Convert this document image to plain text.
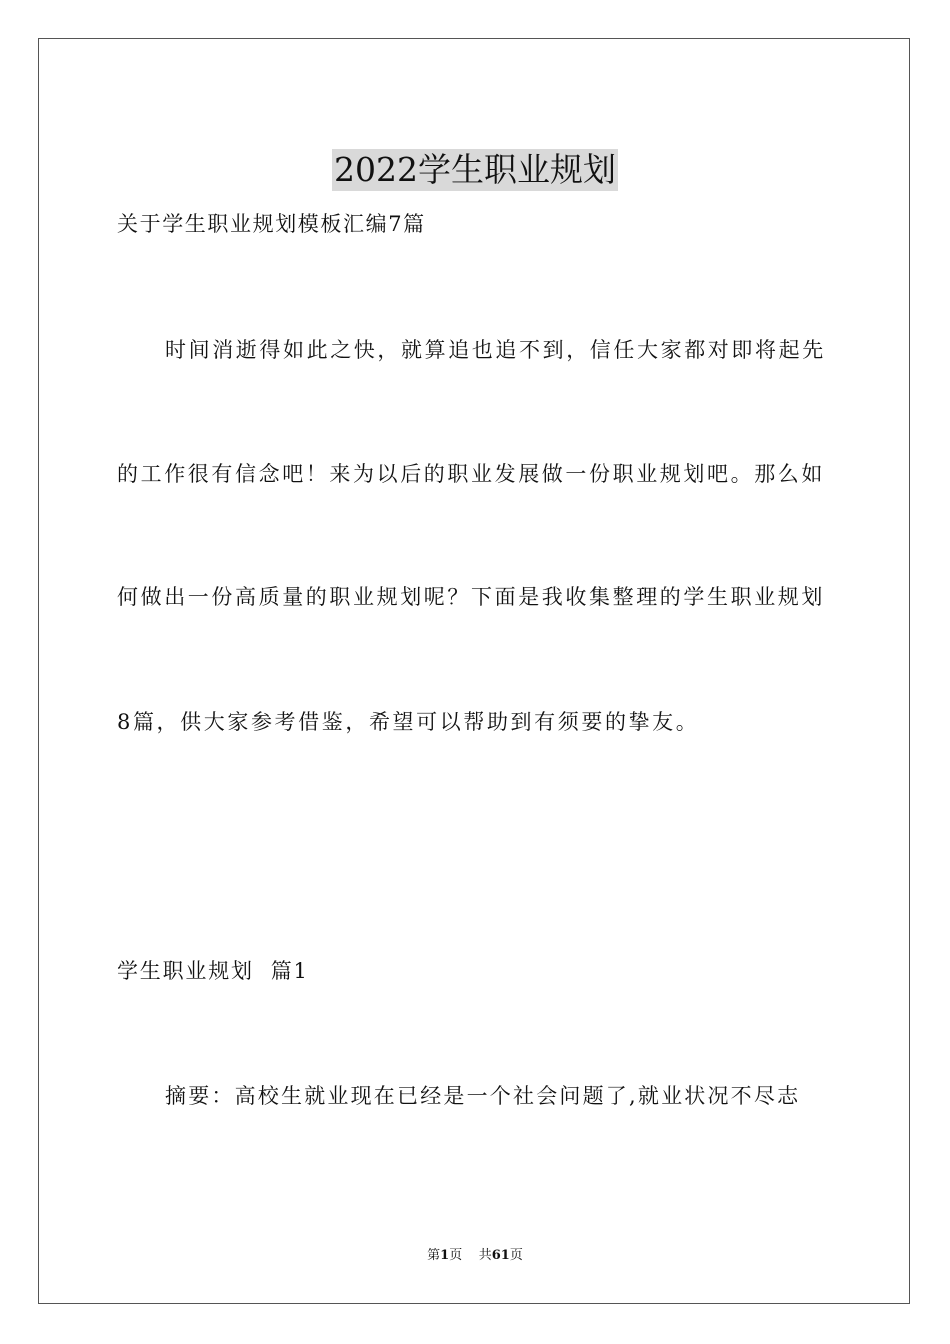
2022学生职业规划
关于学生职业规划模板汇编7篇
时间消逝得如此之快，就算追也追不到，信任大家都对即将起先
的工作很有信念吧！来为以后的职业发展做一份职业规划吧。那么如
何做出一份高质量的职业规划呢？下面是我收集整理的学生职业规划
8篇，供大家参考借鉴，希望可以帮助到有须要的挚友。
学生职业规划  篇1
摘要：高校生就业现在已经是一个社会问题了,就业状况不尽志
第1页    共61页
